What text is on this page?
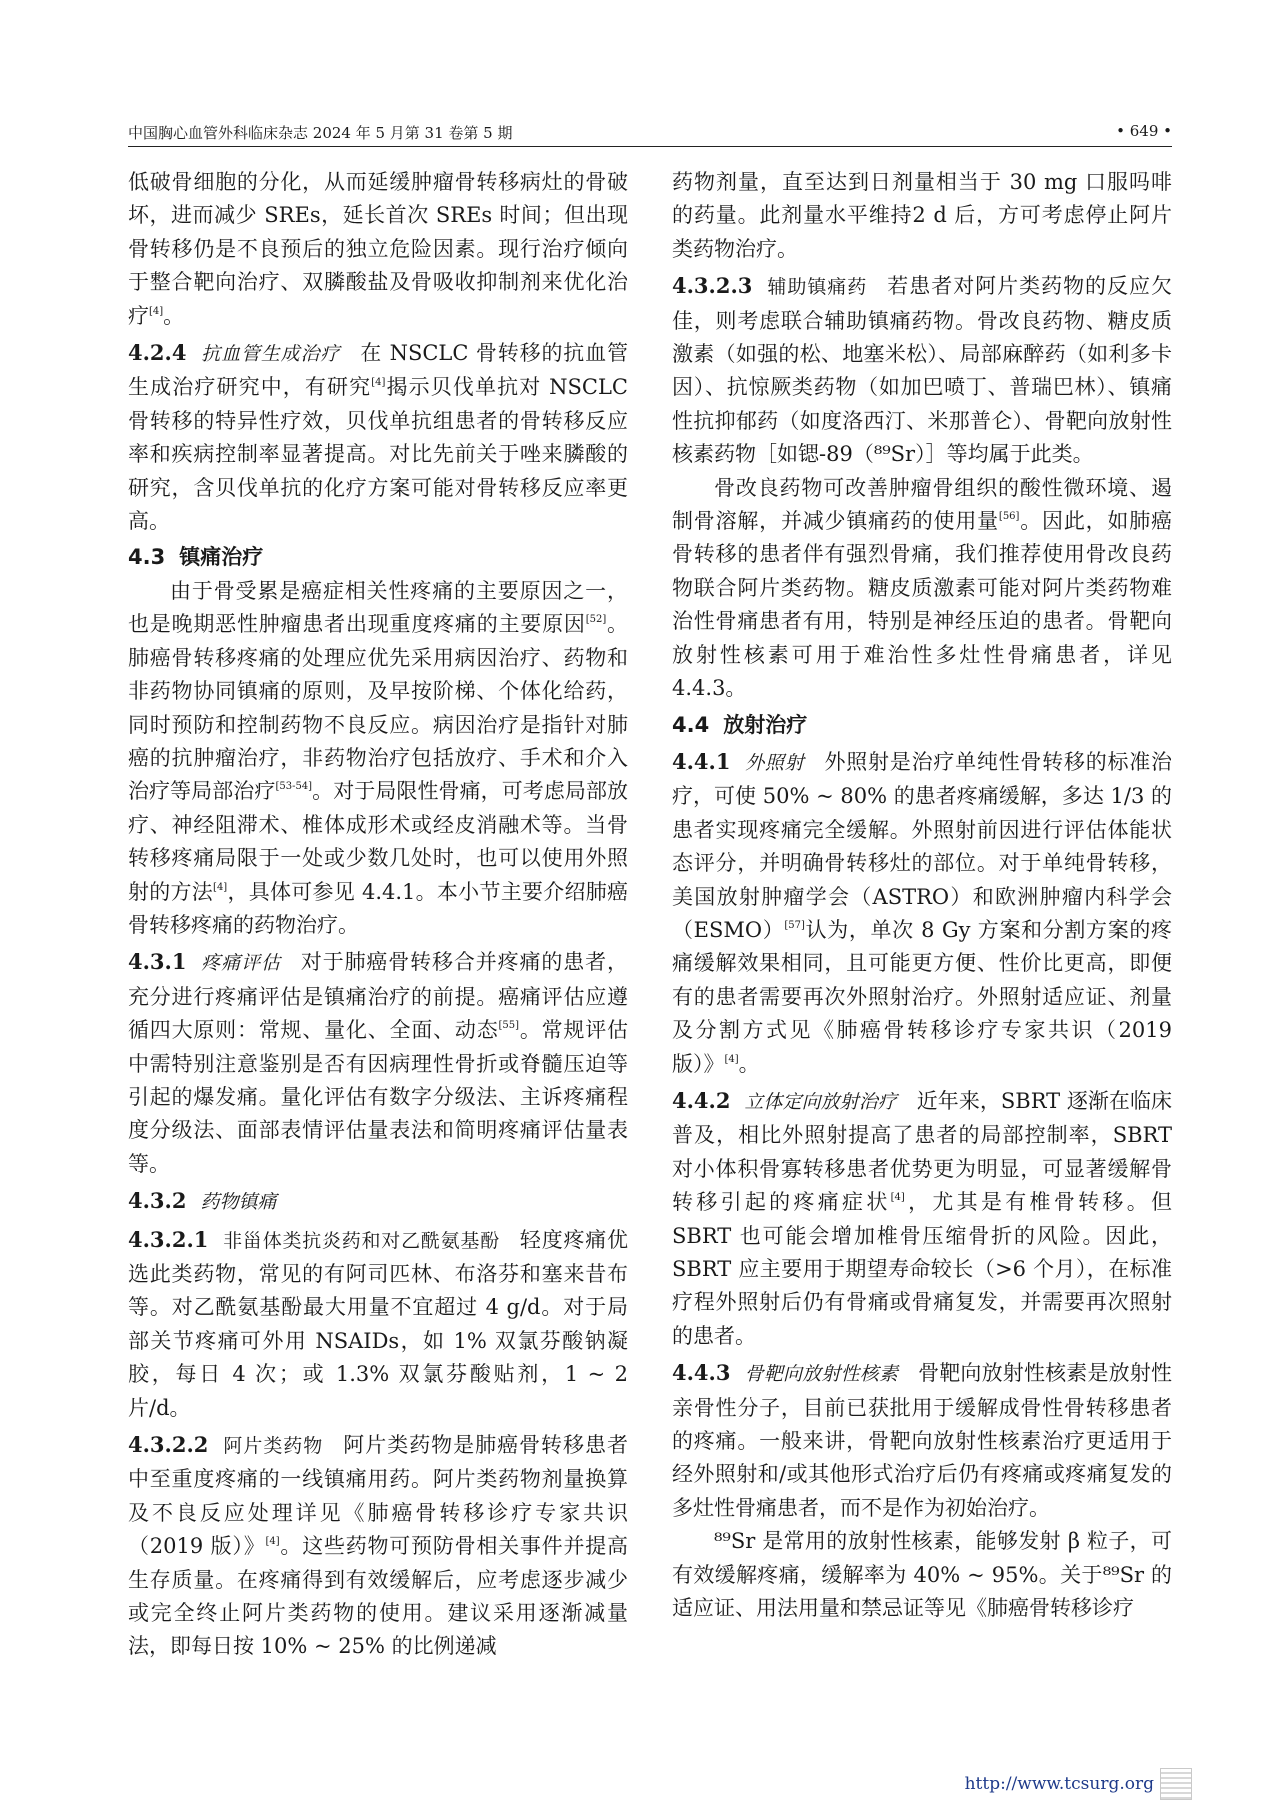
中国胸心血管外科临床杂志 2024 年 5 月第 31 卷第 5 期	• 649 •

低破骨细胞的分化，从而延缓肿瘤骨转移病灶的骨破坏，进而减少 SREs，延长首次 SREs 时间；但出现骨转移仍是不良预后的独立危险因素。现行治疗倾向于整合靶向治疗、双膦酸盐及骨吸收抑制剂来优化治疗[4]。

4.2.4 抗血管生成治疗 在 NSCLC 骨转移的抗血管生成治疗研究中，有研究[4]揭示贝伐单抗对 NSCLC 骨转移的特异性疗效，贝伐单抗组患者的骨转移反应率和疾病控制率显著提高。对比先前关于唑来膦酸的研究，含贝伐单抗的化疗方案可能对骨转移反应率更高。

4.3 镇痛治疗

由于骨受累是癌症相关性疼痛的主要原因之一，也是晚期恶性肿瘤患者出现重度疼痛的主要原因[52]。肺癌骨转移疼痛的处理应优先采用病因治疗、药物和非药物协同镇痛的原则，及早按阶梯、个体化给药，同时预防和控制药物不良反应。病因治疗是指针对肺癌的抗肿瘤治疗，非药物治疗包括放疗、手术和介入治疗等局部治疗[53-54]。对于局限性骨痛，可考虑局部放疗、神经阻滞术、椎体成形术或经皮消融术等。当骨转移疼痛局限于一处或少数几处时，也可以使用外照射的方法[4]，具体可参见 4.4.1。本小节主要介绍肺癌骨转移疼痛的药物治疗。

4.3.1 疼痛评估 对于肺癌骨转移合并疼痛的患者，充分进行疼痛评估是镇痛治疗的前提。癌痛评估应遵循四大原则：常规、量化、全面、动态[55]。常规评估中需特别注意鉴别是否有因病理性骨折或脊髓压迫等引起的爆发痛。量化评估有数字分级法、主诉疼痛程度分级法、面部表情评估量表法和简明疼痛评估量表等。

4.3.2 药物镇痛

4.3.2.1 非甾体类抗炎药和对乙酰氨基酚 轻度疼痛优选此类药物，常见的有阿司匹林、布洛芬和塞来昔布等。对乙酰氨基酚最大用量不宜超过 4 g/d。对于局部关节疼痛可外用 NSAIDs，如 1% 双氯芬酸钠凝胶，每日 4 次；或 1.3% 双氯芬酸贴剂，1 ~ 2 片/d。

4.3.2.2 阿片类药物 阿片类药物是肺癌骨转移患者中至重度疼痛的一线镇痛用药。阿片类药物剂量换算及不良反应处理详见《肺癌骨转移诊疗专家共识（2019 版）》[4]。这些药物可预防骨相关事件并提高生存质量。在疼痛得到有效缓解后，应考虑逐步减少或完全终止阿片类药物的使用。建议采用逐渐减量法，即每日按 10% ~ 25% 的比例递减

药物剂量，直至达到日剂量相当于 30 mg 口服吗啡的药量。此剂量水平维持2 d 后，方可考虑停止阿片类药物治疗。

4.3.2.3 辅助镇痛药 若患者对阿片类药物的反应欠佳，则考虑联合辅助镇痛药物。骨改良药物、糖皮质激素（如强的松、地塞米松）、局部麻醉药（如利多卡因）、抗惊厥类药物（如加巴喷丁、普瑞巴林）、镇痛性抗抑郁药（如度洛西汀、米那普仑）、骨靶向放射性核素药物［如锶-89（⁸⁹Sr）］等均属于此类。

骨改良药物可改善肿瘤骨组织的酸性微环境、遏制骨溶解，并减少镇痛药的使用量[56]。因此，如肺癌骨转移的患者伴有强烈骨痛，我们推荐使用骨改良药物联合阿片类药物。糖皮质激素可能对阿片类药物难治性骨痛患者有用，特别是神经压迫的患者。骨靶向放射性核素可用于难治性多灶性骨痛患者，详见 4.4.3。

4.4 放射治疗

4.4.1 外照射 外照射是治疗单纯性骨转移的标准治疗，可使 50% ~ 80% 的患者疼痛缓解，多达 1/3 的患者实现疼痛完全缓解。外照射前因进行评估体能状态评分，并明确骨转移灶的部位。对于单纯骨转移，美国放射肿瘤学会（ASTRO）和欧洲肿瘤内科学会（ESMO）[57]认为，单次 8 Gy 方案和分割方案的疼痛缓解效果相同，且可能更方便、性价比更高，即便有的患者需要再次外照射治疗。外照射适应证、剂量及分割方式见《肺癌骨转移诊疗专家共识（2019 版）》[4]。

4.4.2 立体定向放射治疗 近年来，SBRT 逐渐在临床普及，相比外照射提高了患者的局部控制率，SBRT 对小体积骨寡转移患者优势更为明显，可显著缓解骨转移引起的疼痛症状[4]，尤其是有椎骨转移。但 SBRT 也可能会增加椎骨压缩骨折的风险。因此，SBRT 应主要用于期望寿命较长（>6 个月），在标准疗程外照射后仍有骨痛或骨痛复发，并需要再次照射的患者。

4.4.3 骨靶向放射性核素 骨靶向放射性核素是放射性亲骨性分子，目前已获批用于缓解成骨性骨转移患者的疼痛。一般来讲，骨靶向放射性核素治疗更适用于经外照射和/或其他形式治疗后仍有疼痛或疼痛复发的多灶性骨痛患者，而不是作为初始治疗。

⁸⁹Sr 是常用的放射性核素，能够发射 β 粒子，可有效缓解疼痛，缓解率为 40% ~ 95%。关于⁸⁹Sr 的适应证、用法用量和禁忌证等见《肺癌骨转移诊疗

http://www.tcsurg.org
